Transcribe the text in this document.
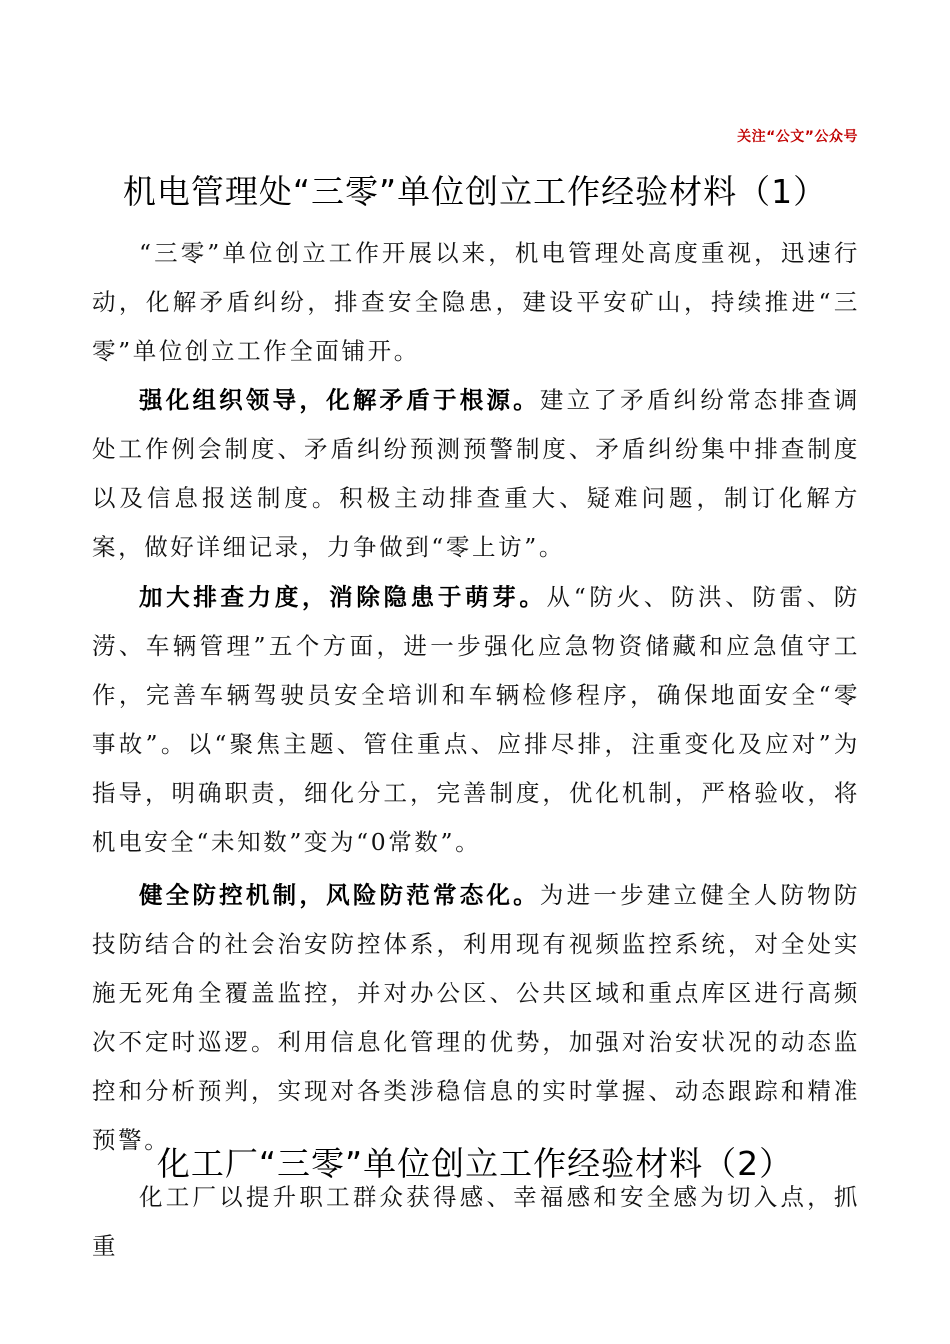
关注“公文”公众号
机电管理处“三零”单位创立工作经验材料（1）

“三零”单位创立工作开展以来，机电管理处高度重视，迅速行动，化解矛盾纠纷，排查安全隐患，建设平安矿山，持续推进“三零”单位创立工作全面铺开。

强化组织领导，化解矛盾于根源。建立了矛盾纠纷常态排查调处工作例会制度、矛盾纠纷预测预警制度、矛盾纠纷集中排查制度以及信息报送制度。积极主动排查重大、疑难问题，制订化解方案，做好详细记录，力争做到“零上访”。

加大排查力度，消除隐患于萌芽。从“防火、防洪、防雷、防涝、车辆管理”五个方面，进一步强化应急物资储藏和应急值守工作，完善车辆驾驶员安全培训和车辆检修程序，确保地面安全“零事故”。以“聚焦主题、管住重点、应排尽排，注重变化及应对”为指导，明确职责，细化分工，完善制度，优化机制，严格验收，将机电安全“未知数”变为“0常数”。

健全防控机制，风险防范常态化。为进一步建立健全人防物防技防结合的社会治安防控体系，利用现有视频监控系统，对全处实施无死角全覆盖监控，并对办公区、公共区域和重点库区进行高频次不定时巡逻。利用信息化管理的优势，加强对治安状况的动态监控和分析预判，实现对各类涉稳信息的实时掌握、动态跟踪和精准预警。

化工厂“三零”单位创立工作经验材料（2）

化工厂以提升职工群众获得感、幸福感和安全感为切入点，抓重
